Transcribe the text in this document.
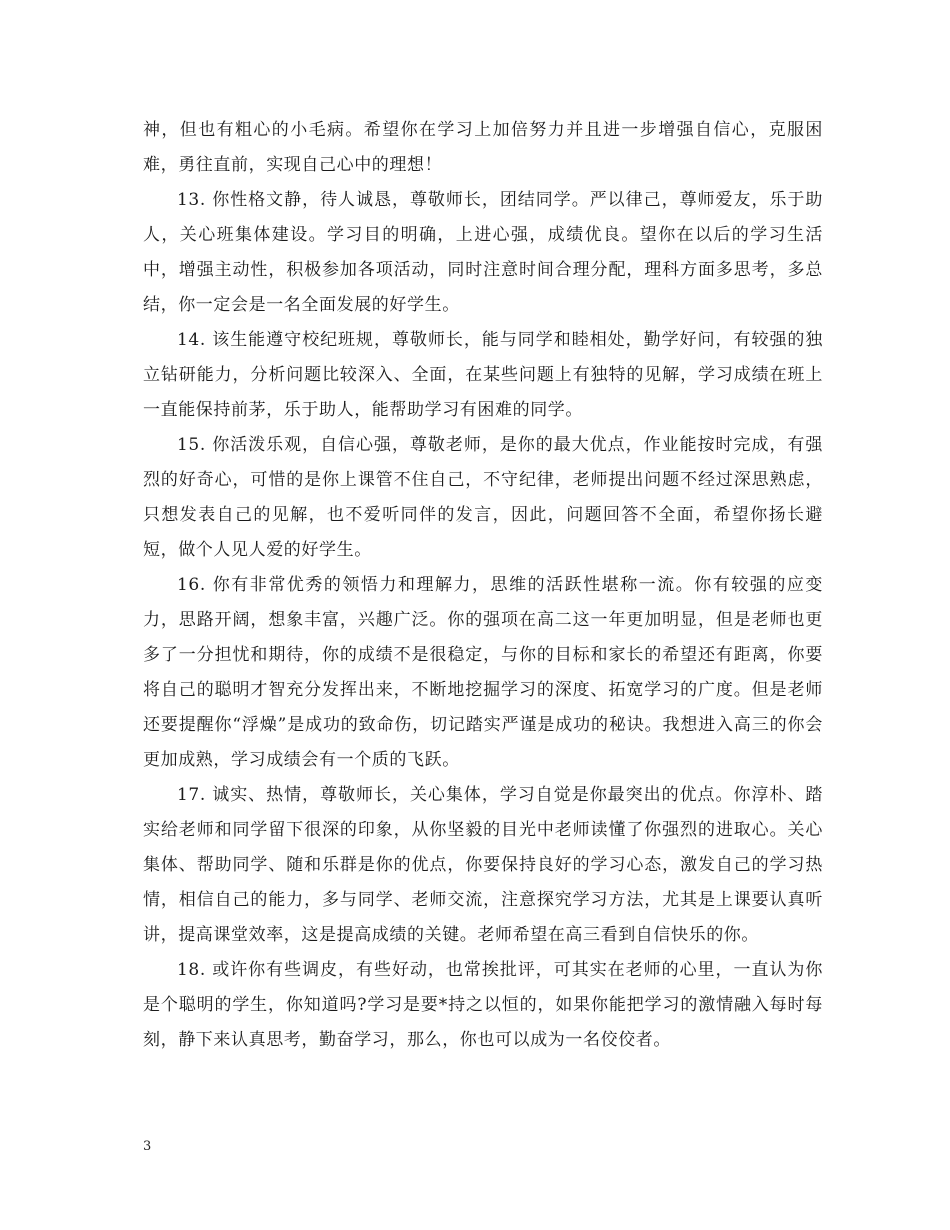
神，但也有粗心的小毛病。希望你在学习上加倍努力并且进一步增强自信心，克服困难，勇往直前，实现自己心中的理想！

13. 你性格文静，待人诚恳，尊敬师长，团结同学。严以律己，尊师爱友，乐于助人，关心班集体建设。学习目的明确，上进心强，成绩优良。望你在以后的学习生活中，增强主动性，积极参加各项活动，同时注意时间合理分配，理科方面多思考，多总结，你一定会是一名全面发展的好学生。

14. 该生能遵守校纪班规，尊敬师长，能与同学和睦相处，勤学好问，有较强的独立钻研能力，分析问题比较深入、全面，在某些问题上有独特的见解，学习成绩在班上一直能保持前茅，乐于助人，能帮助学习有困难的同学。

15. 你活泼乐观，自信心强，尊敬老师，是你的最大优点，作业能按时完成，有强烈的好奇心，可惜的是你上课管不住自己，不守纪律，老师提出问题不经过深思熟虑，只想发表自己的见解，也不爱听同伴的发言，因此，问题回答不全面，希望你扬长避短，做个人见人爱的好学生。

16. 你有非常优秀的领悟力和理解力，思维的活跃性堪称一流。你有较强的应变力，思路开阔，想象丰富，兴趣广泛。你的强项在高二这一年更加明显，但是老师也更多了一分担忧和期待，你的成绩不是很稳定，与你的目标和家长的希望还有距离，你要将自己的聪明才智充分发挥出来，不断地挖掘学习的深度、拓宽学习的广度。但是老师还要提醒你“浮燥”是成功的致命伤，切记踏实严谨是成功的秘诀。我想进入高三的你会更加成熟，学习成绩会有一个质的飞跃。

17. 诚实、热情，尊敬师长，关心集体，学习自觉是你最突出的优点。你淳朴、踏实给老师和同学留下很深的印象，从你坚毅的目光中老师读懂了你强烈的进取心。关心集体、帮助同学、随和乐群是你的优点，你要保持良好的学习心态，激发自己的学习热情，相信自己的能力，多与同学、老师交流，注意探究学习方法，尤其是上课要认真听讲，提高课堂效率，这是提高成绩的关键。老师希望在高三看到自信快乐的你。

18. 或许你有些调皮，有些好动，也常挨批评，可其实在老师的心里，一直认为你是个聪明的学生，你知道吗?学习是要*持之以恒的，如果你能把学习的激情融入每时每刻，静下来认真思考，勤奋学习，那么，你也可以成为一名佼佼者。

3
